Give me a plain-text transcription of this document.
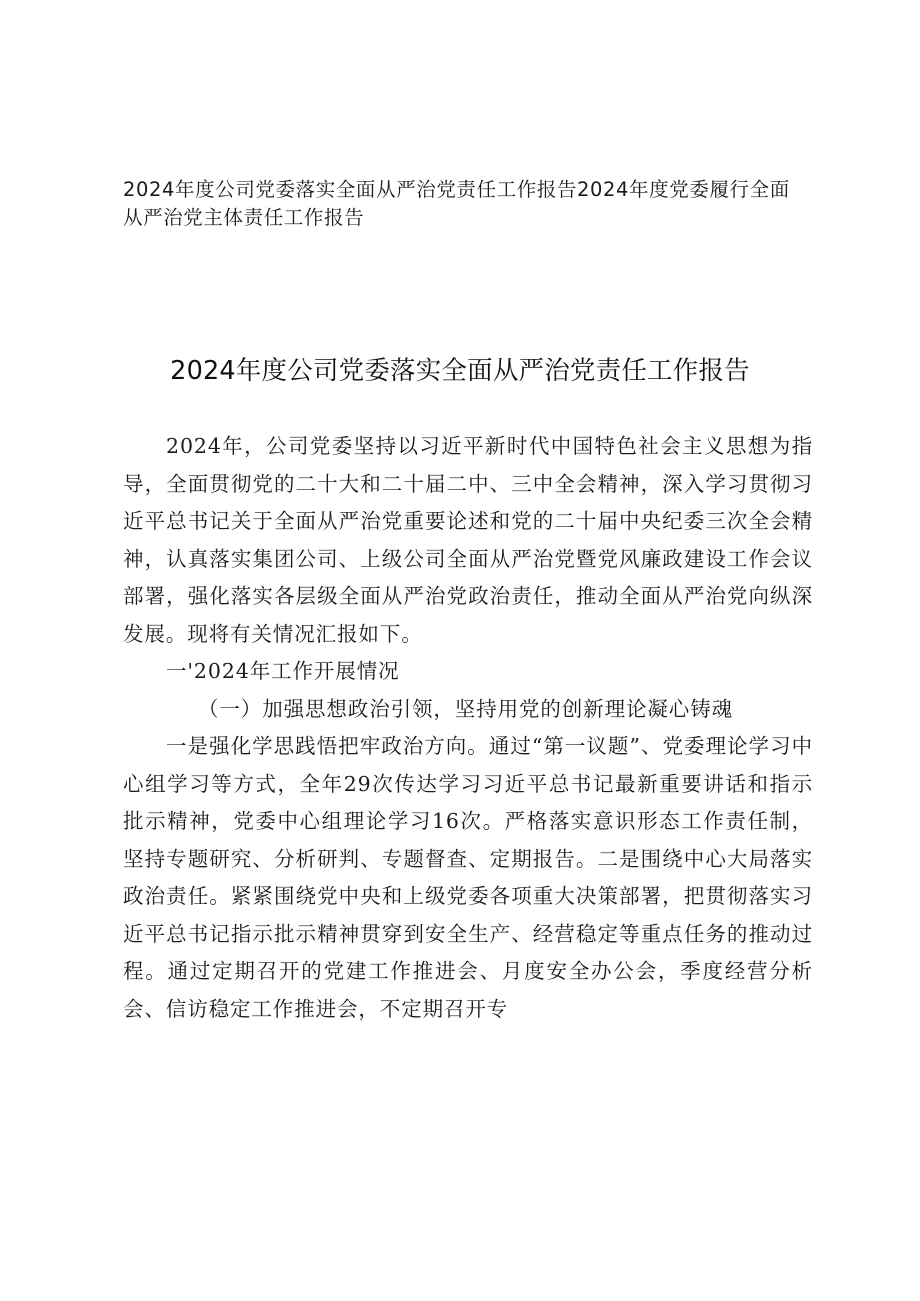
2024年度公司党委落实全面从严治党责任工作报告2024年度党委履行全面从严治党主体责任工作报告
2024年度公司党委落实全面从严治党责任工作报告

2024年，公司党委坚持以习近平新时代中国特色社会主义思想为指导，全面贯彻党的二十大和二十届二中、三中全会精神，深入学习贯彻习近平总书记关于全面从严治党重要论述和党的二十届中央纪委三次全会精神，认真落实集团公司、上级公司全面从严治党暨党风廉政建设工作会议部署，强化落实各层级全面从严治党政治责任，推动全面从严治党向纵深发展。现将有关情况汇报如下。

一'2024年工作开展情况

（一）加强思想政治引领，坚持用党的创新理论凝心铸魂

一是强化学思践悟把牢政治方向。通过“第一议题”、党委理论学习中心组学习等方式，全年29次传达学习习近平总书记最新重要讲话和指示批示精神，党委中心组理论学习16次。严格落实意识形态工作责任制，坚持专题研究、分析研判、专题督查、定期报告。二是围绕中心大局落实政治责任。紧紧围绕党中央和上级党委各项重大决策部署，把贯彻落实习近平总书记指示批示精神贯穿到安全生产、经营稳定等重点任务的推动过程。通过定期召开的党建工作推进会、月度安全办公会，季度经营分析会、信访稳定工作推进会，不定期召开专
